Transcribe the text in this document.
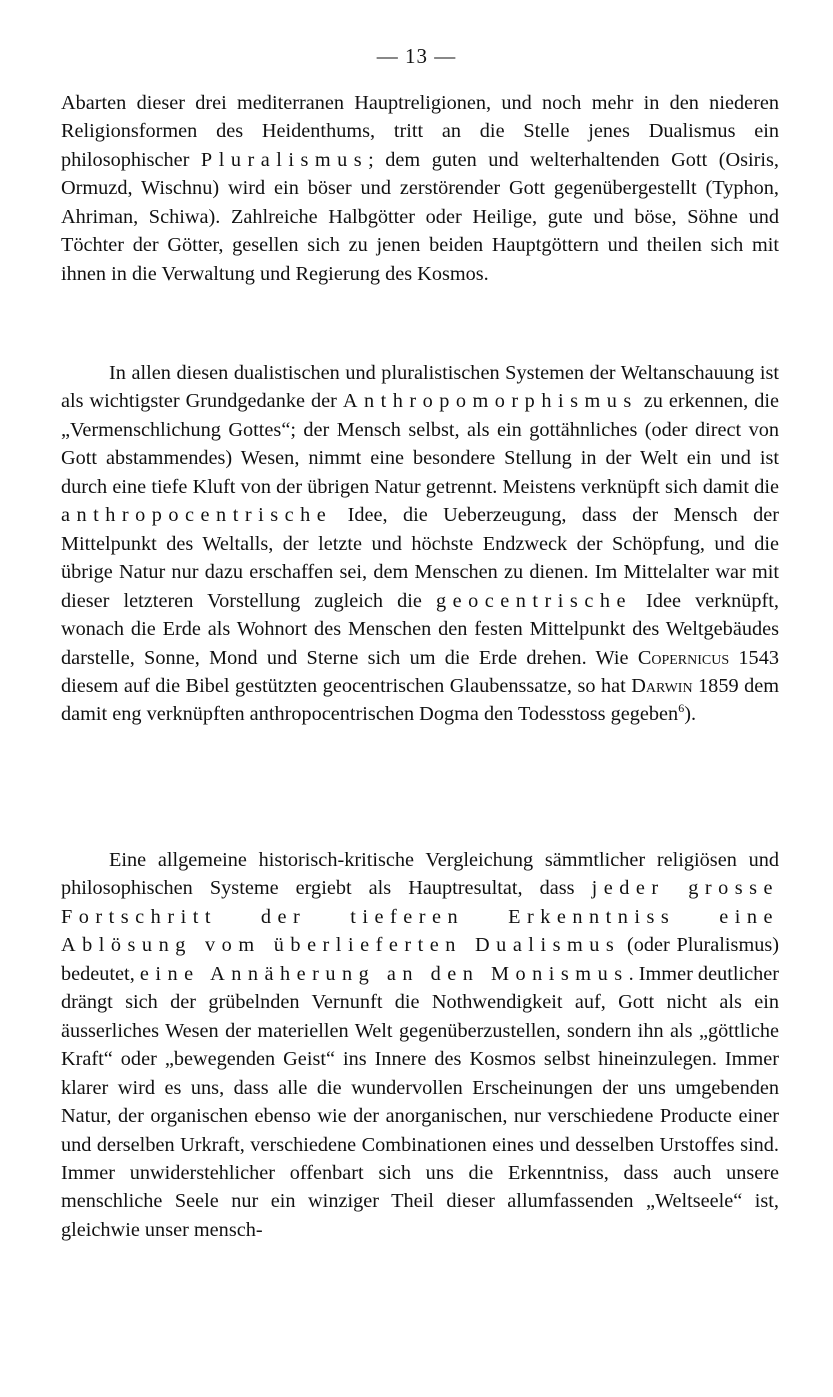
— 13 —

Abarten dieser drei mediterranen Hauptreligionen, und noch mehr in den niederen Religionsformen des Heidenthums, tritt an die Stelle jenes Dualismus ein philosophischer Pluralismus; dem guten und welterhaltenden Gott (Osiris, Ormuzd, Wischnu) wird ein böser und zerstörender Gott gegenübergestellt (Typhon, Ahriman, Schiwa). Zahlreiche Halbgötter oder Heilige, gute und böse, Söhne und Töchter der Götter, gesellen sich zu jenen beiden Hauptgöttern und theilen sich mit ihnen in die Verwaltung und Regierung des Kosmos.

In allen diesen dualistischen und pluralistischen Systemen der Weltanschauung ist als wichtigster Grundgedanke der Anthropomorphismus zu erkennen, die „Vermenschlichung Gottes“; der Mensch selbst, als ein gottähnliches (oder direct von Gott abstammendes) Wesen, nimmt eine besondere Stellung in der Welt ein und ist durch eine tiefe Kluft von der übrigen Natur getrennt. Meistens verknüpft sich damit die anthropocentrische Idee, die Ueberzeugung, dass der Mensch der Mittelpunkt des Weltalls, der letzte und höchste Endzweck der Schöpfung, und die übrige Natur nur dazu erschaffen sei, dem Menschen zu dienen. Im Mittelalter war mit dieser letzteren Vorstellung zugleich die geocentrische Idee verknüpft, wonach die Erde als Wohnort des Menschen den festen Mittelpunkt des Weltgebäudes darstelle, Sonne, Mond und Sterne sich um die Erde drehen. Wie Copernicus 1543 diesem auf die Bibel gestützten geocentrischen Glaubenssatze, so hat Darwin 1859 dem damit eng verknüpften anthropocentrischen Dogma den Todesstoss gegeben$^6$).

Eine allgemeine historisch-kritische Vergleichung sämmtlicher religiösen und philosophischen Systeme ergiebt als Hauptresultat, dass jeder grosse Fortschritt der tieferen Erkenntniss eine Ablösung vom überlieferten Dualismus (oder Pluralismus) bedeutet, eine Annäherung an den Monismus. Immer deutlicher drängt sich der grübelnden Vernunft die Nothwendigkeit auf, Gott nicht als ein äusserliches Wesen der materiellen Welt gegenüberzustellen, sondern ihn als „göttliche Kraft“ oder „bewegenden Geist“ ins Innere des Kosmos selbst hineinzulegen. Immer klarer wird es uns, dass alle die wundervollen Erscheinungen der uns umgebenden Natur, der organischen ebenso wie der anorganischen, nur verschiedene Producte einer und derselben Urkraft, verschiedene Combinationen eines und desselben Urstoffes sind. Immer unwiderstehlicher offenbart sich uns die Erkenntniss, dass auch unsere menschliche Seele nur ein winziger Theil dieser allumfassenden „Weltseele“ ist, gleichwie unser mensch-
